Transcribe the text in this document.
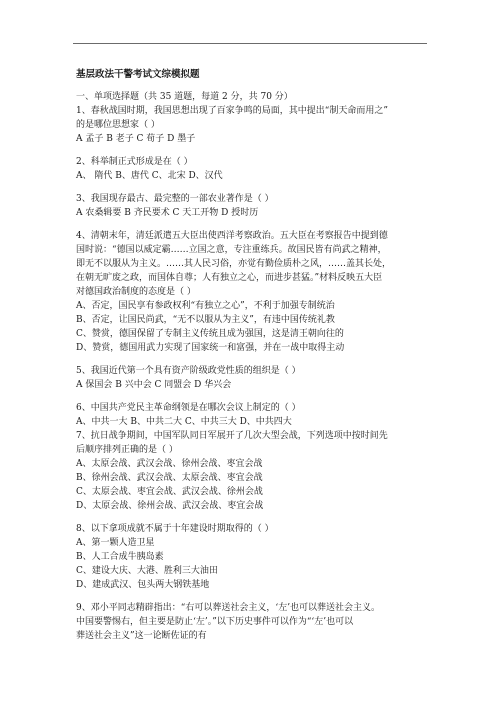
基层政法干警考试文综模拟题
一、单项选择题（共 35 道题，每道 2 分，共 70 分）
1、春秋战国时期，我国思想出现了百家争鸣的局面，其中提出“制天命而用之”
的是哪位思想家（ ）
A 孟子 B 老子 C 荀子 D 墨子
2、科举制正式形成是在（ ）
A、 隋代 B、唐代 C、北宋 D、汉代
3、我国现存最古、最完整的一部农业著作是（ ）
A 农桑辑要 B 齐民要术 C 天工开物 D 授时历
4、清朝末年，清廷派遣五大臣出使西洋考察政治。五大臣在考察报告中提到德
国时说：“德国以威定霸……立国之意，专注重练兵。故国民皆有尚武之精神，
即无不以服从为主义。……其人民习俗，亦觉有勤俭质朴之风，……盖其长处，
在朝无旷废之政，而国体自尊；人有独立之心，而进步甚猛。”材料反映五大臣
对德国政治制度的态度是（ ）
A、否定，国民享有参政权利“有独立之心”，不利于加强专制统治
B、否定，让国民尚武，“无不以服从为主义”，有违中国传统礼教
C、赞赏，德国保留了专制主义传统且成为强国，这是清王朝向往的
D、赞赏，德国用武力实现了国家统一和富强，并在一战中取得主动
5、我国近代第一个具有资产阶级政党性质的组织是（ ）
A 保国会 B 兴中会 C 同盟会 D 华兴会
6、中国共产党民主革命纲领是在哪次会议上制定的（ ）
A、中共一大 B、中共二大 C、中共三大 D、中共四大
7、抗日战争期间，中国军队同日军展开了几次大型会战，下列选项中按时间先
后顺序排列正确的是（ ）
A、太原会战、武汉会战、徐州会战、枣宜会战
B、徐州会战、武汉会战、太原会战、枣宜会战
C、太原会战、枣宜会战、武汉会战、徐州会战
D、太原会战、徐州会战、武汉会战、枣宜会战
8、以下拿项成就不属于十年建设时期取得的（ ）
A、第一颗人造卫星
B、人工合成牛胰岛素
C、建设大庆、大港、胜利三大油田
D、建成武汉、包头两大钢铁基地
9、邓小平同志精辟指出：“右可以葬送社会主义，‘左’也可以葬送社会主义。
中国要警惕右，但主要是防止‘左’。”以下历史事件可以作为“‘左’也可以
葬送社会主义”这一论断佐证的有
